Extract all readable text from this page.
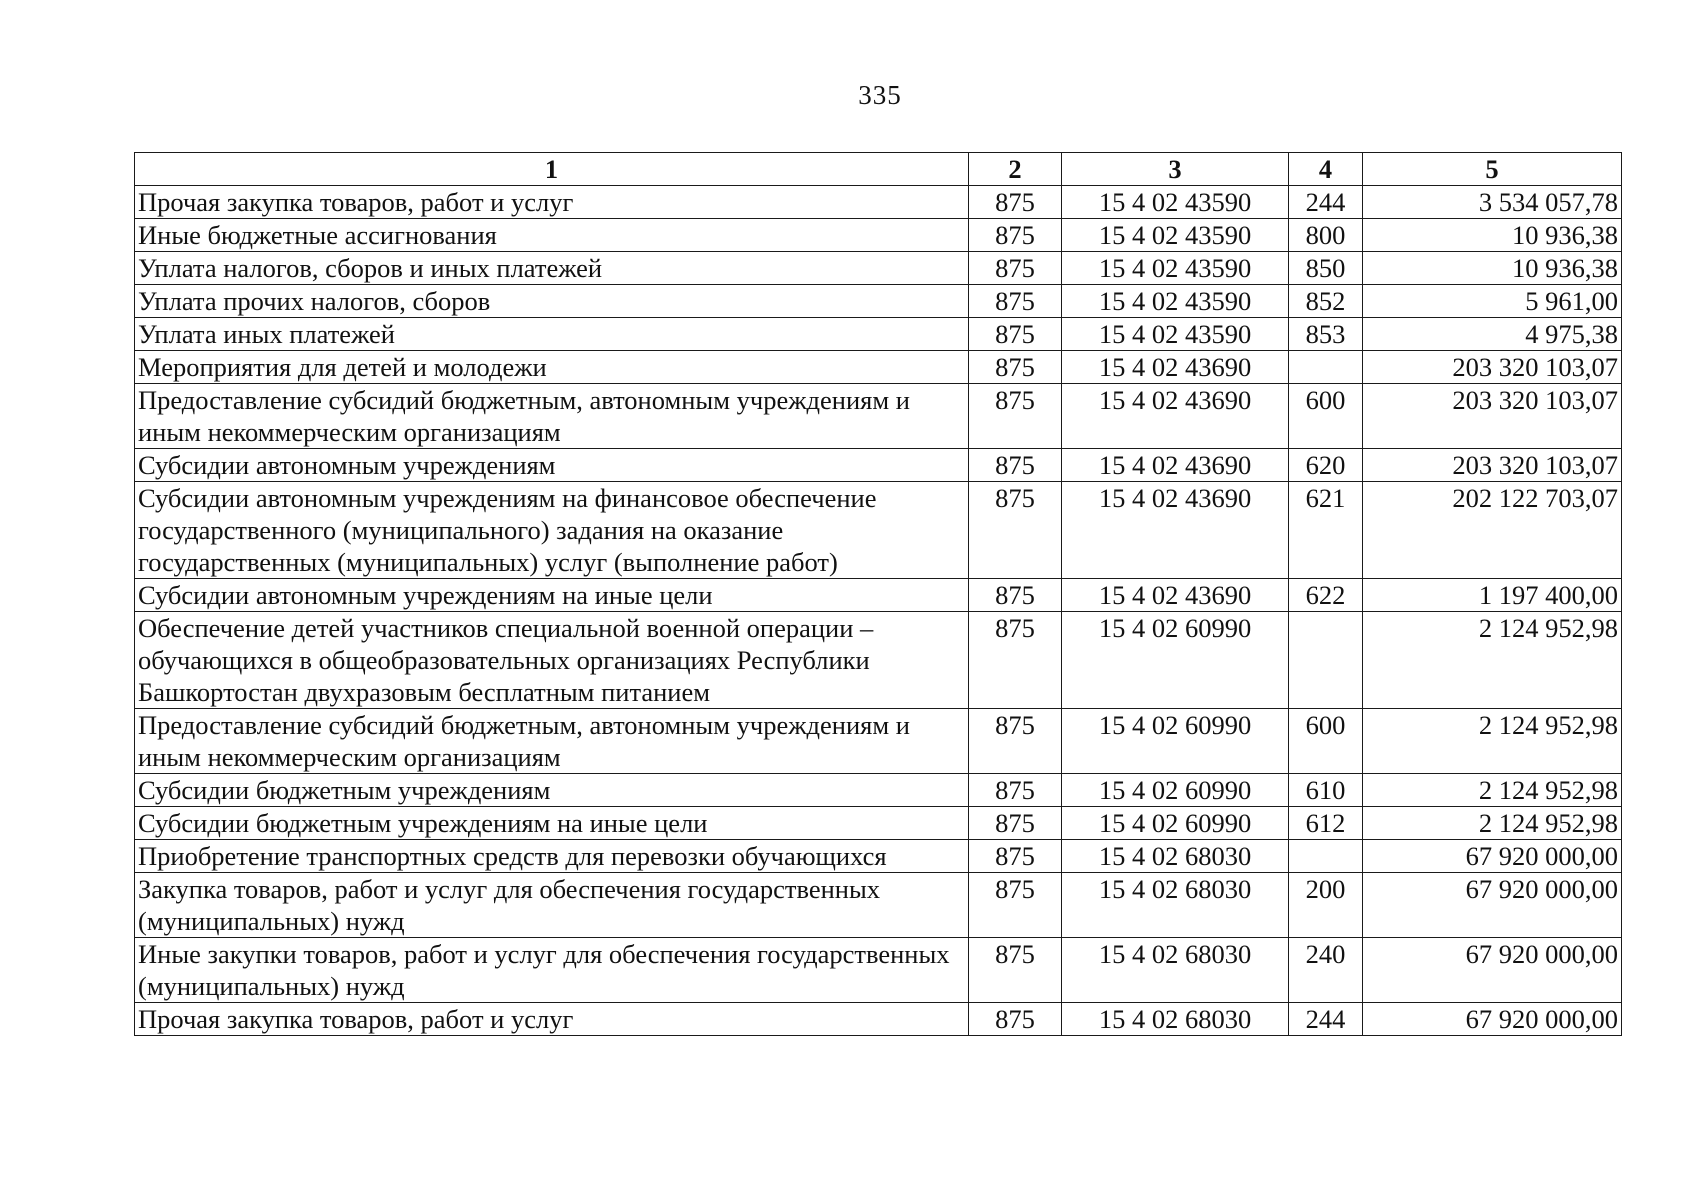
335
1	2	3	4	5
Прочая закупка товаров, работ и услуг	875	15 4 02 43590	244	3 534 057,78
Иные бюджетные ассигнования	875	15 4 02 43590	800	10 936,38
Уплата налогов, сборов и иных платежей	875	15 4 02 43590	850	10 936,38
Уплата прочих налогов, сборов	875	15 4 02 43590	852	5 961,00
Уплата иных платежей	875	15 4 02 43590	853	4 975,38
Мероприятия для детей и молодежи	875	15 4 02 43690		203 320 103,07
Предоставление субсидий бюджетным, автономным учреждениям и иным некоммерческим организациям	875	15 4 02 43690	600	203 320 103,07
Субсидии автономным учреждениям	875	15 4 02 43690	620	203 320 103,07
Субсидии автономным учреждениям на финансовое обеспечение государственного (муниципального) задания на оказание государственных (муниципальных) услуг (выполнение работ)	875	15 4 02 43690	621	202 122 703,07
Субсидии автономным учреждениям на иные цели	875	15 4 02 43690	622	1 197 400,00
Обеспечение детей участников специальной военной операции – обучающихся в общеобразовательных организациях Республики Башкортостан двухразовым бесплатным питанием	875	15 4 02 60990		2 124 952,98
Предоставление субсидий бюджетным, автономным учреждениям и иным некоммерческим организациям	875	15 4 02 60990	600	2 124 952,98
Субсидии бюджетным учреждениям	875	15 4 02 60990	610	2 124 952,98
Субсидии бюджетным учреждениям на иные цели	875	15 4 02 60990	612	2 124 952,98
Приобретение транспортных средств для перевозки обучающихся	875	15 4 02 68030		67 920 000,00
Закупка товаров, работ и услуг для обеспечения государственных (муниципальных) нужд	875	15 4 02 68030	200	67 920 000,00
Иные закупки товаров, работ и услуг для обеспечения государственных (муниципальных) нужд	875	15 4 02 68030	240	67 920 000,00
Прочая закупка товаров, работ и услуг	875	15 4 02 68030	244	67 920 000,00
